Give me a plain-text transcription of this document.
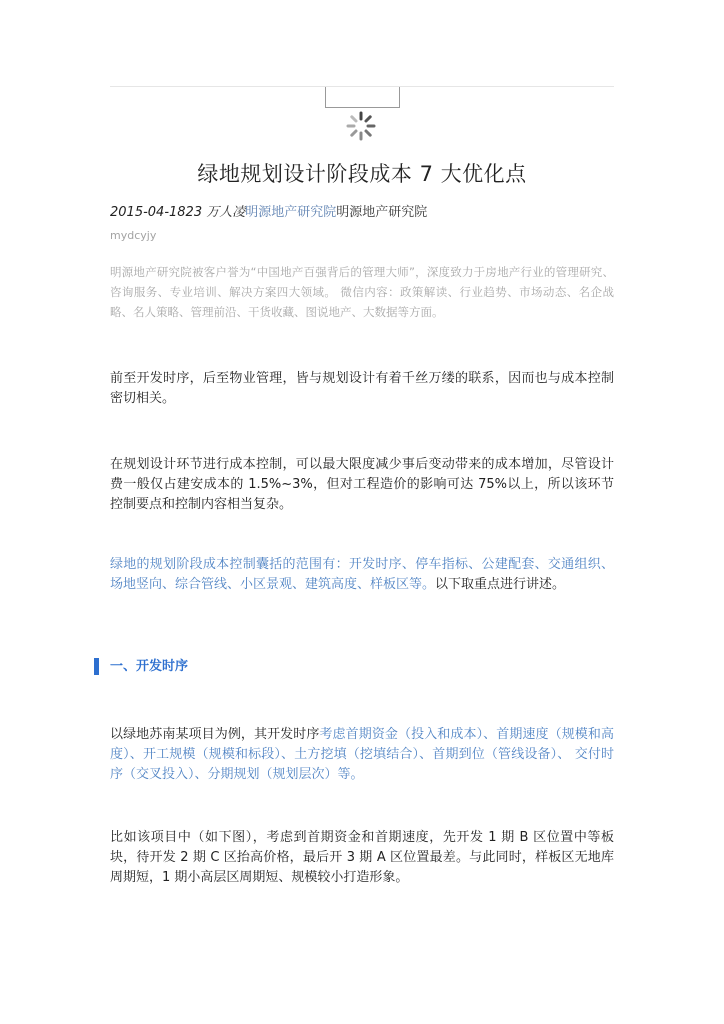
绿地规划设计阶段成本 7 大优化点
2015-04-1823 万人凌明源地产研究院明源地产研究院
mydcyjy
明源地产研究院被客户誉为“中国地产百强背后的管理大师”，深度致力于房地产行业的管理研究、咨询服务、专业培训、解决方案四大领域。 微信内容：政策解读、行业趋势、市场动态、名企战略、名人策略、管理前沿、干货收藏、图说地产、大数据等方面。
前至开发时序，后至物业管理，皆与规划设计有着千丝万缕的联系，因而也与成本控制密切相关。
在规划设计环节进行成本控制，可以最大限度减少事后变动带来的成本增加，尽管设计费一般仅占建安成本的 1.5%~3%，但对工程造价的影响可达 75%以上，所以该环节控制要点和控制内容相当复杂。
绿地的规划阶段成本控制囊括的范围有：开发时序、停车指标、公建配套、交通组织、场地竖向、综合管线、小区景观、建筑高度、样板区等。以下取重点进行讲述。
一、开发时序
以绿地苏南某项目为例，其开发时序考虑首期资金（投入和成本）、首期速度（规模和高度）、开工规模（规模和标段）、土方挖填（挖填结合）、首期到位（管线设备）、 交付时序（交叉投入）、分期规划（规划层次）等。
比如该项目中（如下图），考虑到首期资金和首期速度，先开发 1 期 B 区位置中等板块，待开发 2 期 C 区抬高价格，最后开 3 期 A 区位置最差。与此同时，样板区无地库周期短，1 期小高层区周期短、规模较小打造形象。
